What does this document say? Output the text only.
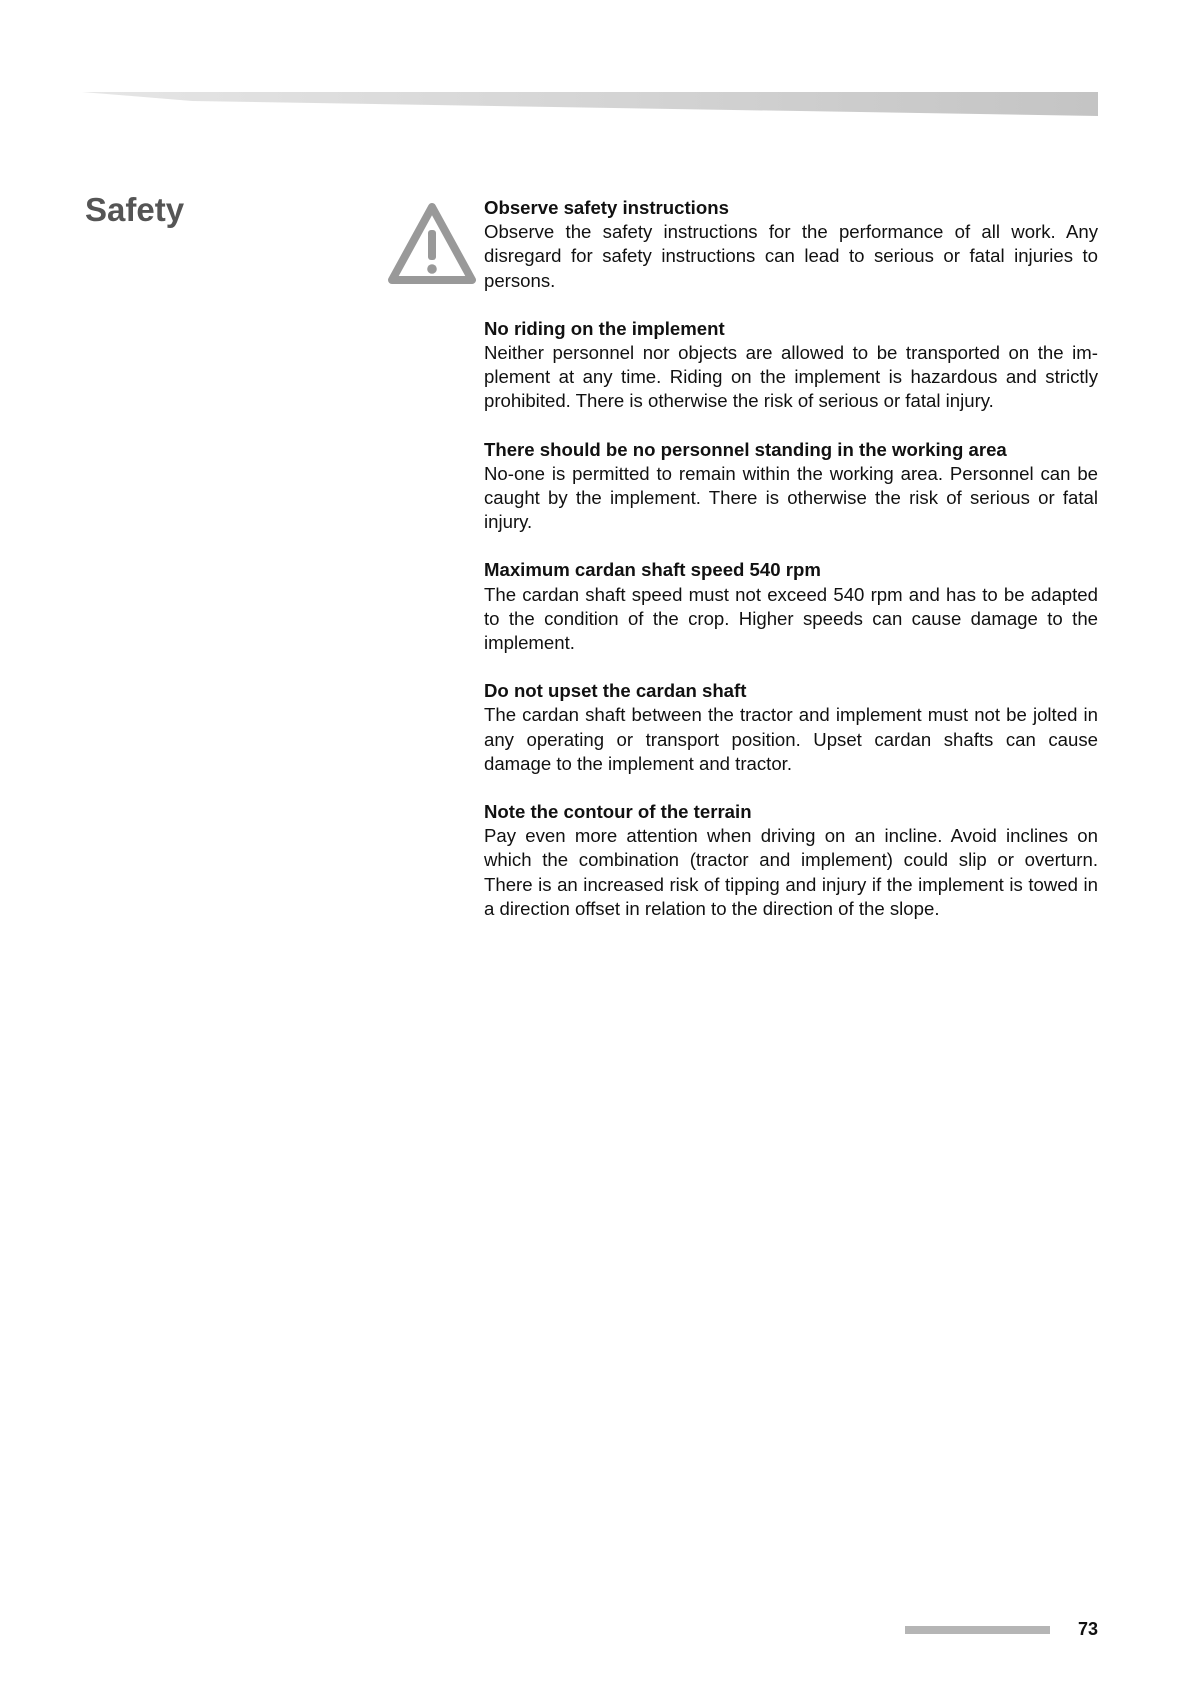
Safety	Observe safety instructions
Observe the safety instructions for the performance of all work. Any disregard for safety instructions can lead to serious or fatal injuries to persons.
No riding on the implement
Neither personnel nor objects are allowed to be transported on the implement at any time. Riding on the implement is hazardous and strictly prohibited. There is otherwise the risk of serious or fatal injury.
There should be no personnel standing in the working area
No-one is permitted to remain within the working area. Personnel can be caught by the implement. There is otherwise the risk of serious or fatal injury.
Maximum cardan shaft speed 540 rpm
The cardan shaft speed must not exceed 540 rpm and has to be adapted to the condition of the crop. Higher speeds can cause damage to the implement.
Do not upset the cardan shaft
The cardan shaft between the tractor and implement must not be jolted in any operating or transport position. Upset cardan shafts can cause damage to the implement and tractor.
Note the contour of the terrain
Pay even more attention when driving on an incline. Avoid inclines on which the combination (tractor and implement) could slip or overturn. There is an increased risk of tipping and injury if the implement is towed in a direction offset in relation to the direction of the slope.
73
